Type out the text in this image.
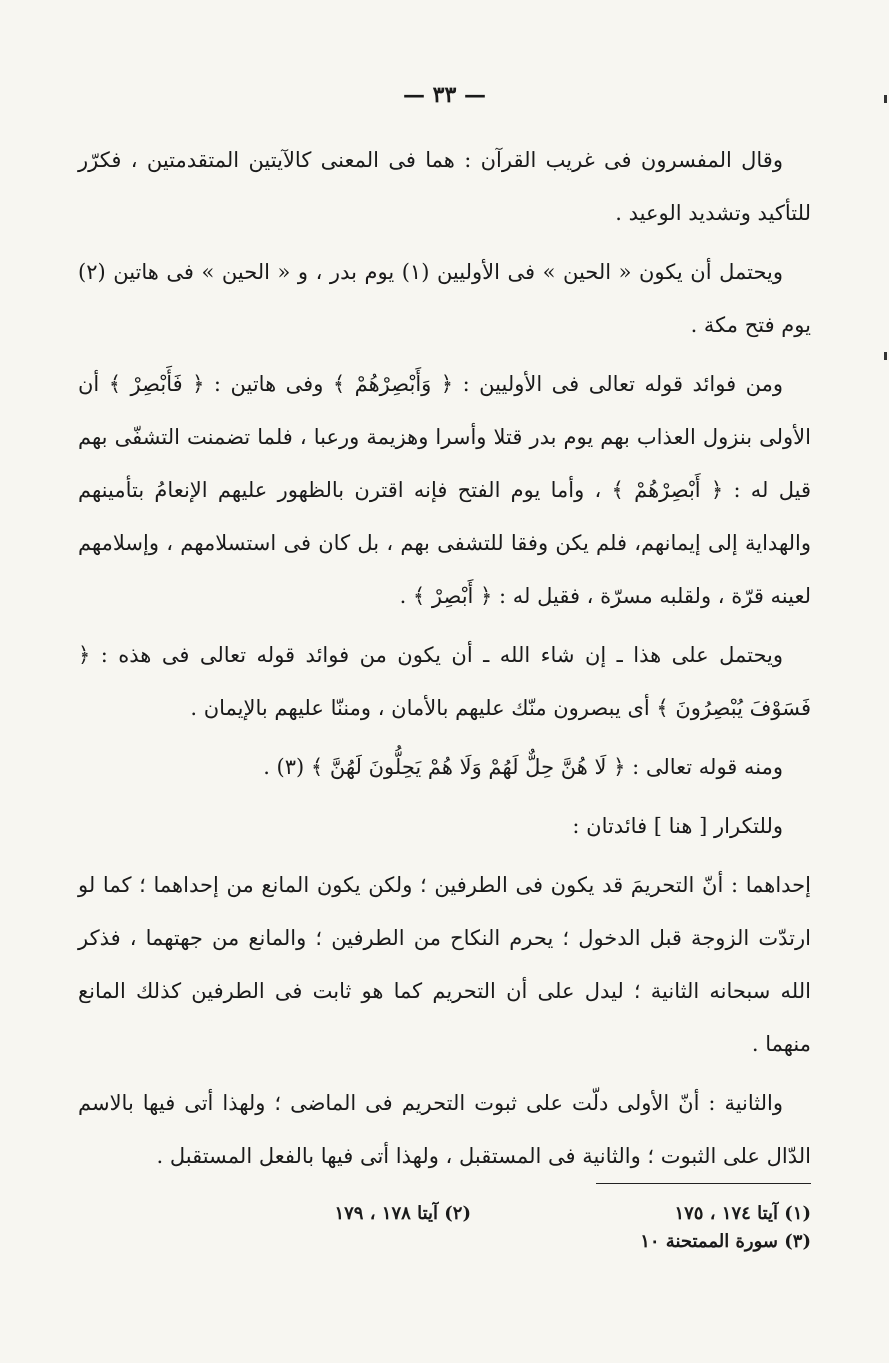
— ٣٣ —

وقال المفسرون فى غريب القرآن : هما فى المعنى كالآيتين المتقدمتين ، فكرّر للتأكيد وتشديد الوعيد .

ويحتمل أن يكون « الحين » فى الأوليين (١) يوم بدر ، و « الحين » فى هاتين (٢) يوم فتح مكة .

ومن فوائد قوله تعالى فى الأوليين : ﴿ وَأَبْصِرْهُمْ ﴾ وفى هاتين : ﴿ فَأَبْصِرْ ﴾ أن الأولى بنزول العذاب بهم يوم بدر قتلا وأسرا وهزيمة ورعبا ، فلما تضمنت التشفّى بهم قيل له : ﴿ أَبْصِرْهُمْ ﴾ ، وأما يوم الفتح فإنه اقترن بالظهور عليهم الإنعامُ بتأمينهم والهداية إلى إيمانهم، فلم يكن وفقا للتشفى بهم ، بل كان فى استسلامهم ، وإسلامهم لعينه قرّة ، ولقلبه مسرّة ، فقيل له : ﴿ أَبْصِرْ ﴾ .

ويحتمل على هذا ـ إن شاء الله ـ أن يكون من فوائد قوله تعالى فى هذه : ﴿ فَسَوْفَ يُبْصِرُونَ ﴾ أى يبصرون منّك عليهم بالأمان ، ومننّا عليهم بالإيمان .

ومنه قوله تعالى : ﴿ لَا هُنَّ حِلٌّ لَهُمْ وَلَا هُمْ يَحِلُّونَ لَهُنَّ ﴾ (٣) .

وللتكرار [ هنا ] فائدتان :

إحداهما : أنّ التحريمَ قد يكون فى الطرفين ؛ ولكن يكون المانع من إحداهما ؛ كما لو ارتدّت الزوجة قبل الدخول ؛ يحرم النكاح من الطرفين ؛ والمانع من جهتهما ، فذكر الله سبحانه الثانية ؛ ليدل على أن التحريم كما هو ثابت فى الطرفين كذلك المانع منهما .

والثانية : أنّ الأولى دلّت على ثبوت التحريم فى الماضى ؛ ولهذا أتى فيها بالاسم الدّال على الثبوت ؛ والثانية فى المستقبل ، ولهذا أتى فيها بالفعل المستقبل .

(١) آيتا ١٧٤ ، ١٧٥
(٢) آيتا ١٧٨ ، ١٧٩
(٣) سورة الممتحنة ١٠
